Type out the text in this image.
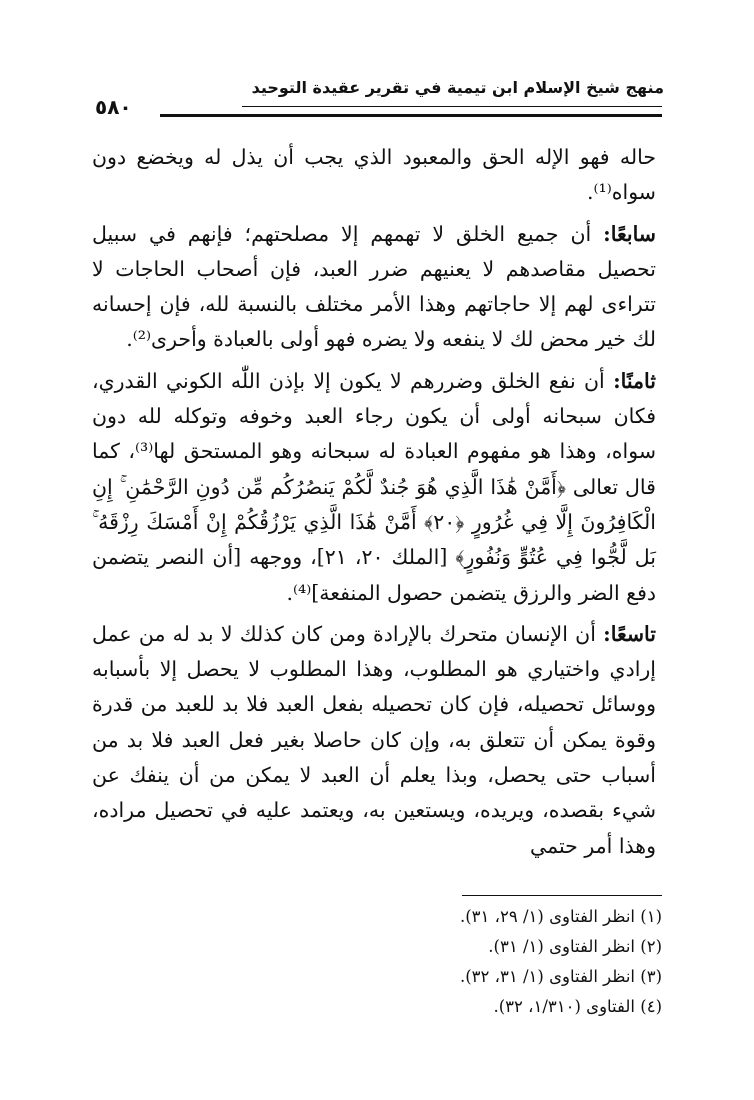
منهج شيخ الإسلام ابن تيمية في تقرير عقيدة التوحيد
٥٨٠

حاله فهو الإله الحق والمعبود الذي يجب أن يذل له ويخضع دون سواه⁽¹⁾.

سابعًا: أن جميع الخلق لا تهمهم إلا مصلحتهم؛ فإنهم في سبيل تحصيل مقاصدهم لا يعنيهم ضرر العبد، فإن أصحاب الحاجات لا تتراءى لهم إلا حاجاتهم وهذا الأمر مختلف بالنسبة لله، فإن إحسانه لك خير محض لك لا ينفعه ولا يضره فهو أولى بالعبادة وأحرى⁽²⁾.

ثامنًا: أن نفع الخلق وضررهم لا يكون إلا بإذن اللّٰه الكوني القدري، فكان سبحانه أولى أن يكون رجاء العبد وخوفه وتوكله لله دون سواه، وهذا هو مفهوم العبادة له سبحانه وهو المستحق لها⁽³⁾، كما قال تعالى ﴿أَمَّنْ هَٰذَا الَّذِي هُوَ جُندٌ لَّكُمْ يَنصُرُكُم مِّن دُونِ الرَّحْمَٰنِ ۚ إِنِ الْكَافِرُونَ إِلَّا فِي غُرُورٍ ﴿٢٠﴾ أَمَّنْ هَٰذَا الَّذِي يَرْزُقُكُمْ إِنْ أَمْسَكَ رِزْقَهُ ۚ بَل لَّجُّوا فِي عُتُوٍّ وَنُفُورٍ﴾ [الملك ٢٠، ٢١]، ووجهه [أن النصر يتضمن دفع الضر والرزق يتضمن حصول المنفعة]⁽⁴⁾.

تاسعًا: أن الإنسان متحرك بالإرادة ومن كان كذلك لا بد له من عمل إرادي واختياري هو المطلوب، وهذا المطلوب لا يحصل إلا بأسبابه ووسائل تحصيله، فإن كان تحصيله بفعل العبد فلا بد للعبد من قدرة وقوة يمكن أن تتعلق به، وإن كان حاصلا بغير فعل العبد فلا بد من أسباب حتى يحصل، وبذا يعلم أن العبد لا يمكن من أن ينفك عن شيء بقصده، ويريده، ويستعين به، ويعتمد عليه في تحصيل مراده، وهذا أمر حتمي

(١) انظر الفتاوى (١/ ٢٩، ٣١).
(٢) انظر الفتاوى (١/ ٣١).
(٣) انظر الفتاوى (١/ ٣١، ٣٢).
(٤) الفتاوى (١/٣١٠، ٣٢).
